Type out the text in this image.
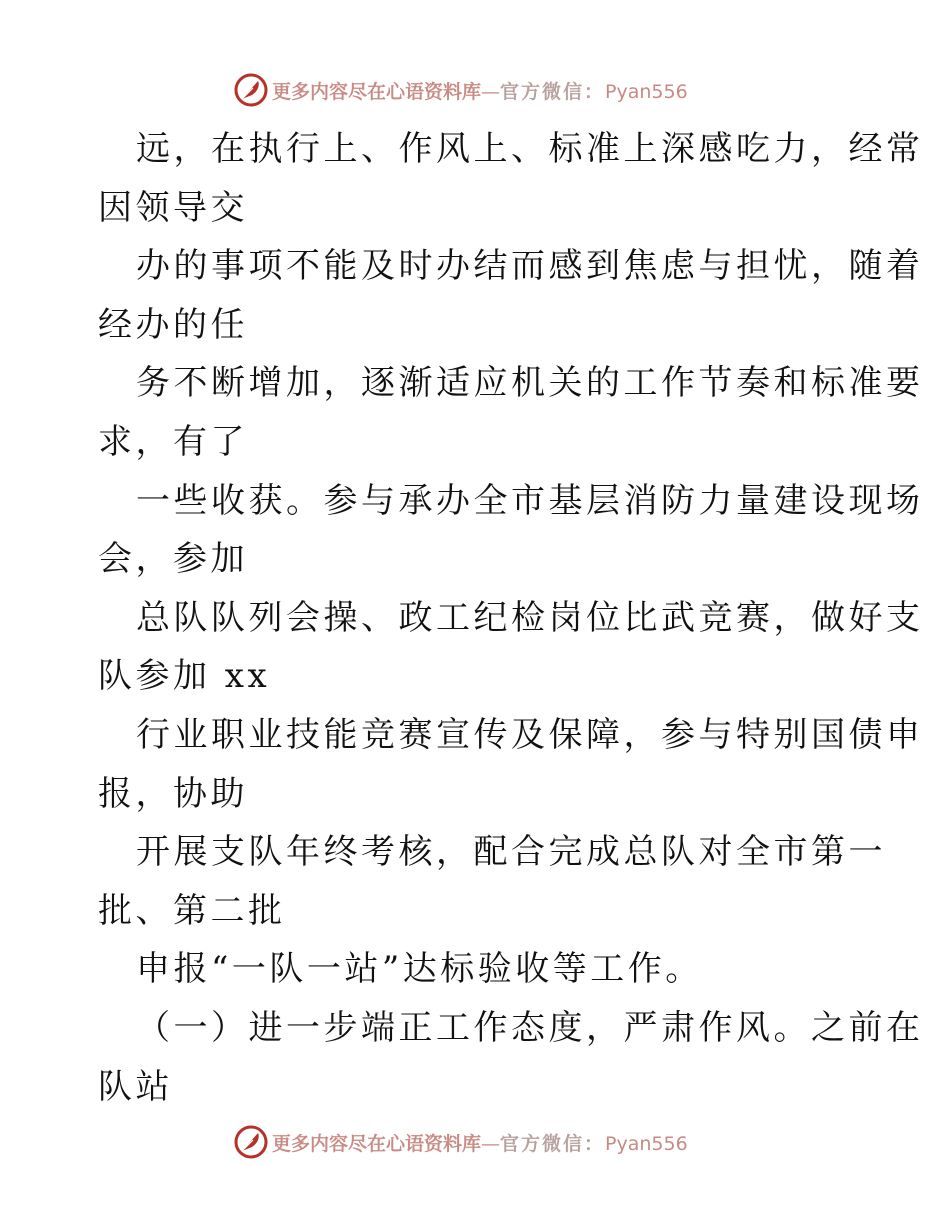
更多内容尽在心语资料库—官方微信：Pyan556
远，在执行上、作风上、标准上深感吃力，经常
因领导交
办的事项不能及时办结而感到焦虑与担忧，随着
经办的任
务不断增加，逐渐适应机关的工作节奏和标准要
求，有了
一些收获。参与承办全市基层消防力量建设现场
会，参加
总队队列会操、政工纪检岗位比武竞赛，做好支
队参加 xx
行业职业技能竞赛宣传及保障，参与特别国债申
报，协助
开展支队年终考核，配合完成总队对全市第一
批、第二批
申报“一队一站”达标验收等工作。
（一）进一步端正工作态度，严肃作风。之前在
队站
更多内容尽在心语资料库—官方微信：Pyan556
